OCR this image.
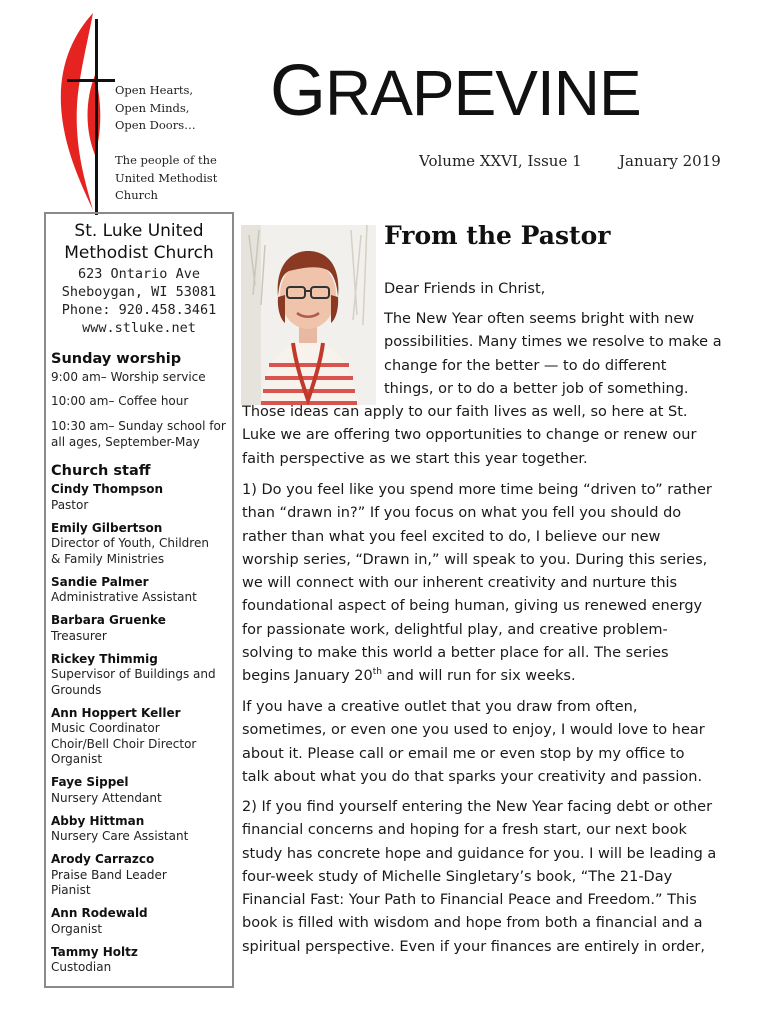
Open Hearts,
Open Minds,
Open Doors…
The people of the
United Methodist
Church
GRAPEVINE
Volume XXVI, Issue 1 January 2019
St. Luke United
Methodist Church
623 Ontario Ave
Sheboygan, WI 53081
Phone: 920.458.3461
www.stluke.net
Sunday worship
9:00 am– Worship service
10:00 am– Coffee hour
10:30 am– Sunday school for
all ages, September-May
Church staff
Cindy Thompson
Pastor
Emily Gilbertson
Director of Youth, Children
& Family Ministries
Sandie Palmer
Administrative Assistant
Barbara Gruenke
Treasurer
Rickey Thimmig
Supervisor of Buildings and
Grounds
Ann Hoppert Keller
Music Coordinator
Choir/Bell Choir Director
Organist
Faye Sippel
Nursery Attendant
Abby Hittman
Nursery Care Assistant
Arody Carrazco
Praise Band Leader
Pianist
Ann Rodewald
Organist
Tammy Holtz
Custodian
From the Pastor
Dear Friends in Christ,
The New Year often seems bright with new
possibilities. Many times we resolve to make a
change for the better — to do different
things, or to do a better job of something.
Those ideas can apply to our faith lives as well, so here at St.
Luke we are offering two opportunities to change or renew our
faith perspective as we start this year together.
1) Do you feel like you spend more time being “driven to” rather
than “drawn in?” If you focus on what you fell you should do
rather than what you feel excited to do, I believe our new
worship series, “Drawn in,” will speak to you. During this series,
we will connect with our inherent creativity and nurture this
foundational aspect of being human, giving us renewed energy
for passionate work, delightful play, and creative problem-
solving to make this world a better place for all. The series
begins January 20th and will run for six weeks.
If you have a creative outlet that you draw from often,
sometimes, or even one you used to enjoy, I would love to hear
about it. Please call or email me or even stop by my office to
talk about what you do that sparks your creativity and passion.
2) If you find yourself entering the New Year facing debt or other
financial concerns and hoping for a fresh start, our next book
study has concrete hope and guidance for you. I will be leading a
four-week study of Michelle Singletary’s book, “The 21-Day
Financial Fast: Your Path to Financial Peace and Freedom.” This
book is filled with wisdom and hope from both a financial and a
spiritual perspective. Even if your finances are entirely in order,
